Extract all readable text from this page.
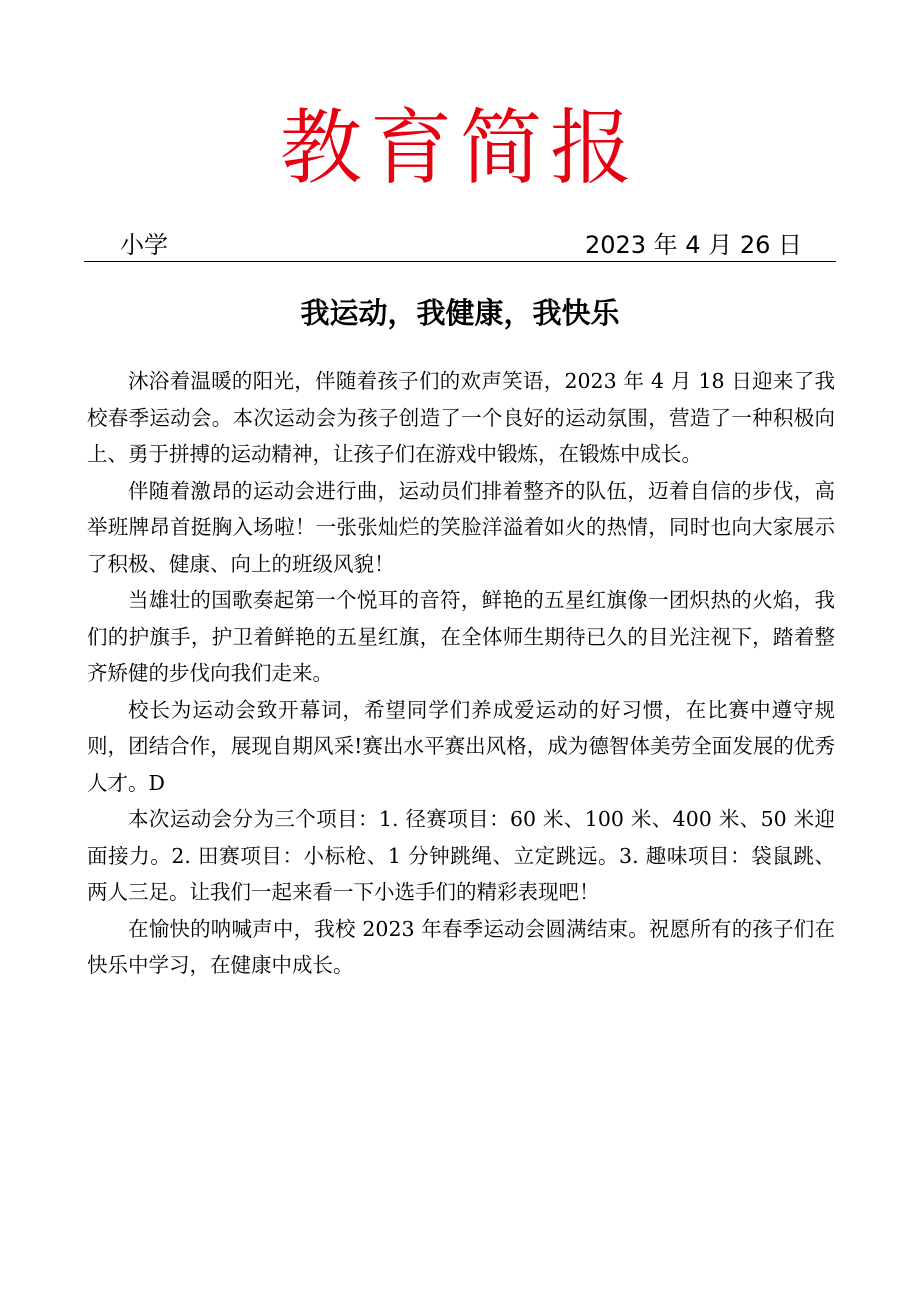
教育简报
小学	2023 年 4 月 26 日
我运动，我健康，我快乐

沐浴着温暖的阳光，伴随着孩子们的欢声笑语，2023 年 4 月 18 日迎来了我校春季运动会。本次运动会为孩子创造了一个良好的运动氛围，营造了一种积极向上、勇于拼搏的运动精神，让孩子们在游戏中锻炼，在锻炼中成长。

伴随着激昂的运动会进行曲，运动员们排着整齐的队伍，迈着自信的步伐，高举班牌昂首挺胸入场啦！一张张灿烂的笑脸洋溢着如火的热情，同时也向大家展示了积极、健康、向上的班级风貌！

当雄壮的国歌奏起第一个悦耳的音符，鲜艳的五星红旗像一团炽热的火焰，我们的护旗手，护卫着鲜艳的五星红旗，在全体师生期待已久的目光注视下，踏着整齐矫健的步伐向我们走来。

校长为运动会致开幕词，希望同学们养成爱运动的好习惯，在比赛中遵守规则，团结合作，展现自期风采!赛出水平赛出风格，成为德智体美劳全面发展的优秀人才。D

本次运动会分为三个项目：1. 径赛项目：60 米、100 米、400 米、50 米迎面接力。2. 田赛项目：小标枪、1 分钟跳绳、立定跳远。3. 趣味项目：袋鼠跳、两人三足。让我们一起来看一下小选手们的精彩表现吧！

在愉快的呐喊声中，我校 2023 年春季运动会圆满结束。祝愿所有的孩子们在快乐中学习，在健康中成长。
